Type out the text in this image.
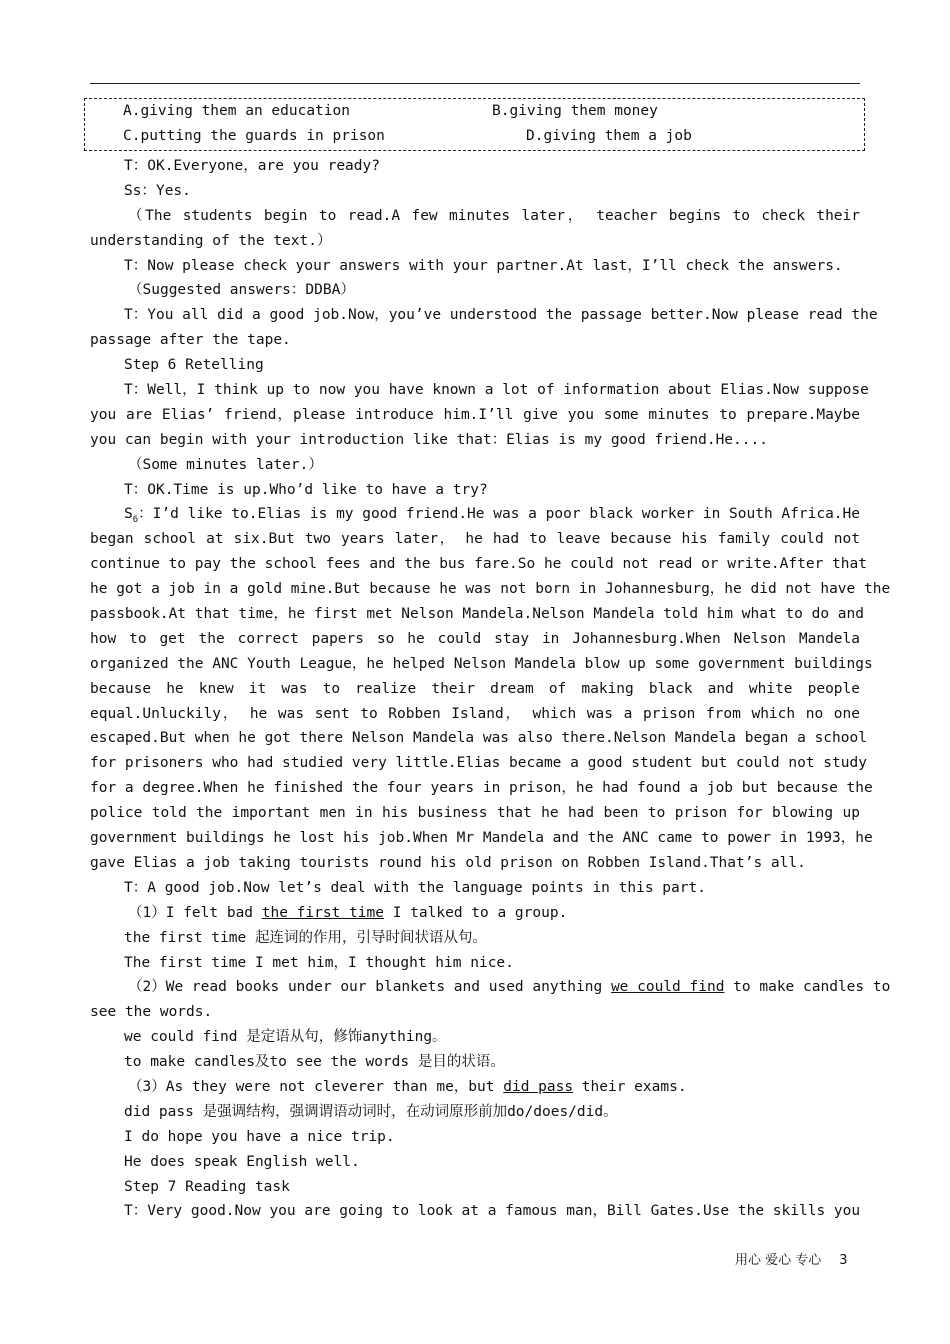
A.giving them an education	B.giving them money
C.putting the guards in prison	D.giving them a job
T：OK.Everyone，are you ready?
Ss：Yes.
（The students begin to read.A few minutes later， teacher begins to check their
understanding of the text.）
T：Now please check your answers with your partner.At last，I’ll check the answers.
（Suggested answers：DDBA）
T：You all did a good job.Now，you’ve understood the passage better.Now please read the
passage after the tape.
Step 6 Retelling
T：Well，I think up to now you have known a lot of information about Elias.Now suppose
you are Elias’ friend，please introduce him.I’ll give you some minutes to prepare.Maybe
you can begin with your introduction like that：Elias is my good friend.He....
（Some minutes later.）
T：OK.Time is up.Who’d like to have a try?
$S_6$：I’d like to.Elias is my good friend.He was a poor black worker in South Africa.He
began school at six.But two years later， he had to leave because his family could not
continue to pay the school fees and the bus fare.So he could not read or write.After that
he got a job in a gold mine.But because he was not born in Johannesburg，he did not have the
passbook.At that time，he first met Nelson Mandela.Nelson Mandela told him what to do and
how to get the correct papers so he could stay in Johannesburg.When Nelson Mandela
organized the ANC Youth League，he helped Nelson Mandela blow up some government buildings
because he knew it was to realize their dream of making black and white people
equal.Unluckily， he was sent to Robben Island， which was a prison from which no one
escaped.But when he got there Nelson Mandela was also there.Nelson Mandela began a school
for prisoners who had studied very little.Elias became a good student but could not study
for a degree.When he finished the four years in prison，he had found a job but because the
police told the important men in his business that he had been to prison for blowing up
government buildings he lost his job.When Mr Mandela and the ANC came to power in 1993，he
gave Elias a job taking tourists round his old prison on Robben Island.That’s all.
T：A good job.Now let’s deal with the language points in this part.
（1）I felt bad the first time I talked to a group.
the first time 起连词的作用，引导时间状语从句。
The first time I met him，I thought him nice.
（2）We read books under our blankets and used anything we could find to make candles to
see the words.
we could find 是定语从句，修饰anything。
to make candles及to see the words 是目的状语。
（3）As they were not cleverer than me，but did pass their exams.
did pass 是强调结构，强调谓语动词时，在动词原形前加do/does/did。
I do hope you have a nice trip.
He does speak English well.
Step 7 Reading task
T：Very good.Now you are going to look at a famous man，Bill Gates.Use the skills you
用心 爱心 专心 3
